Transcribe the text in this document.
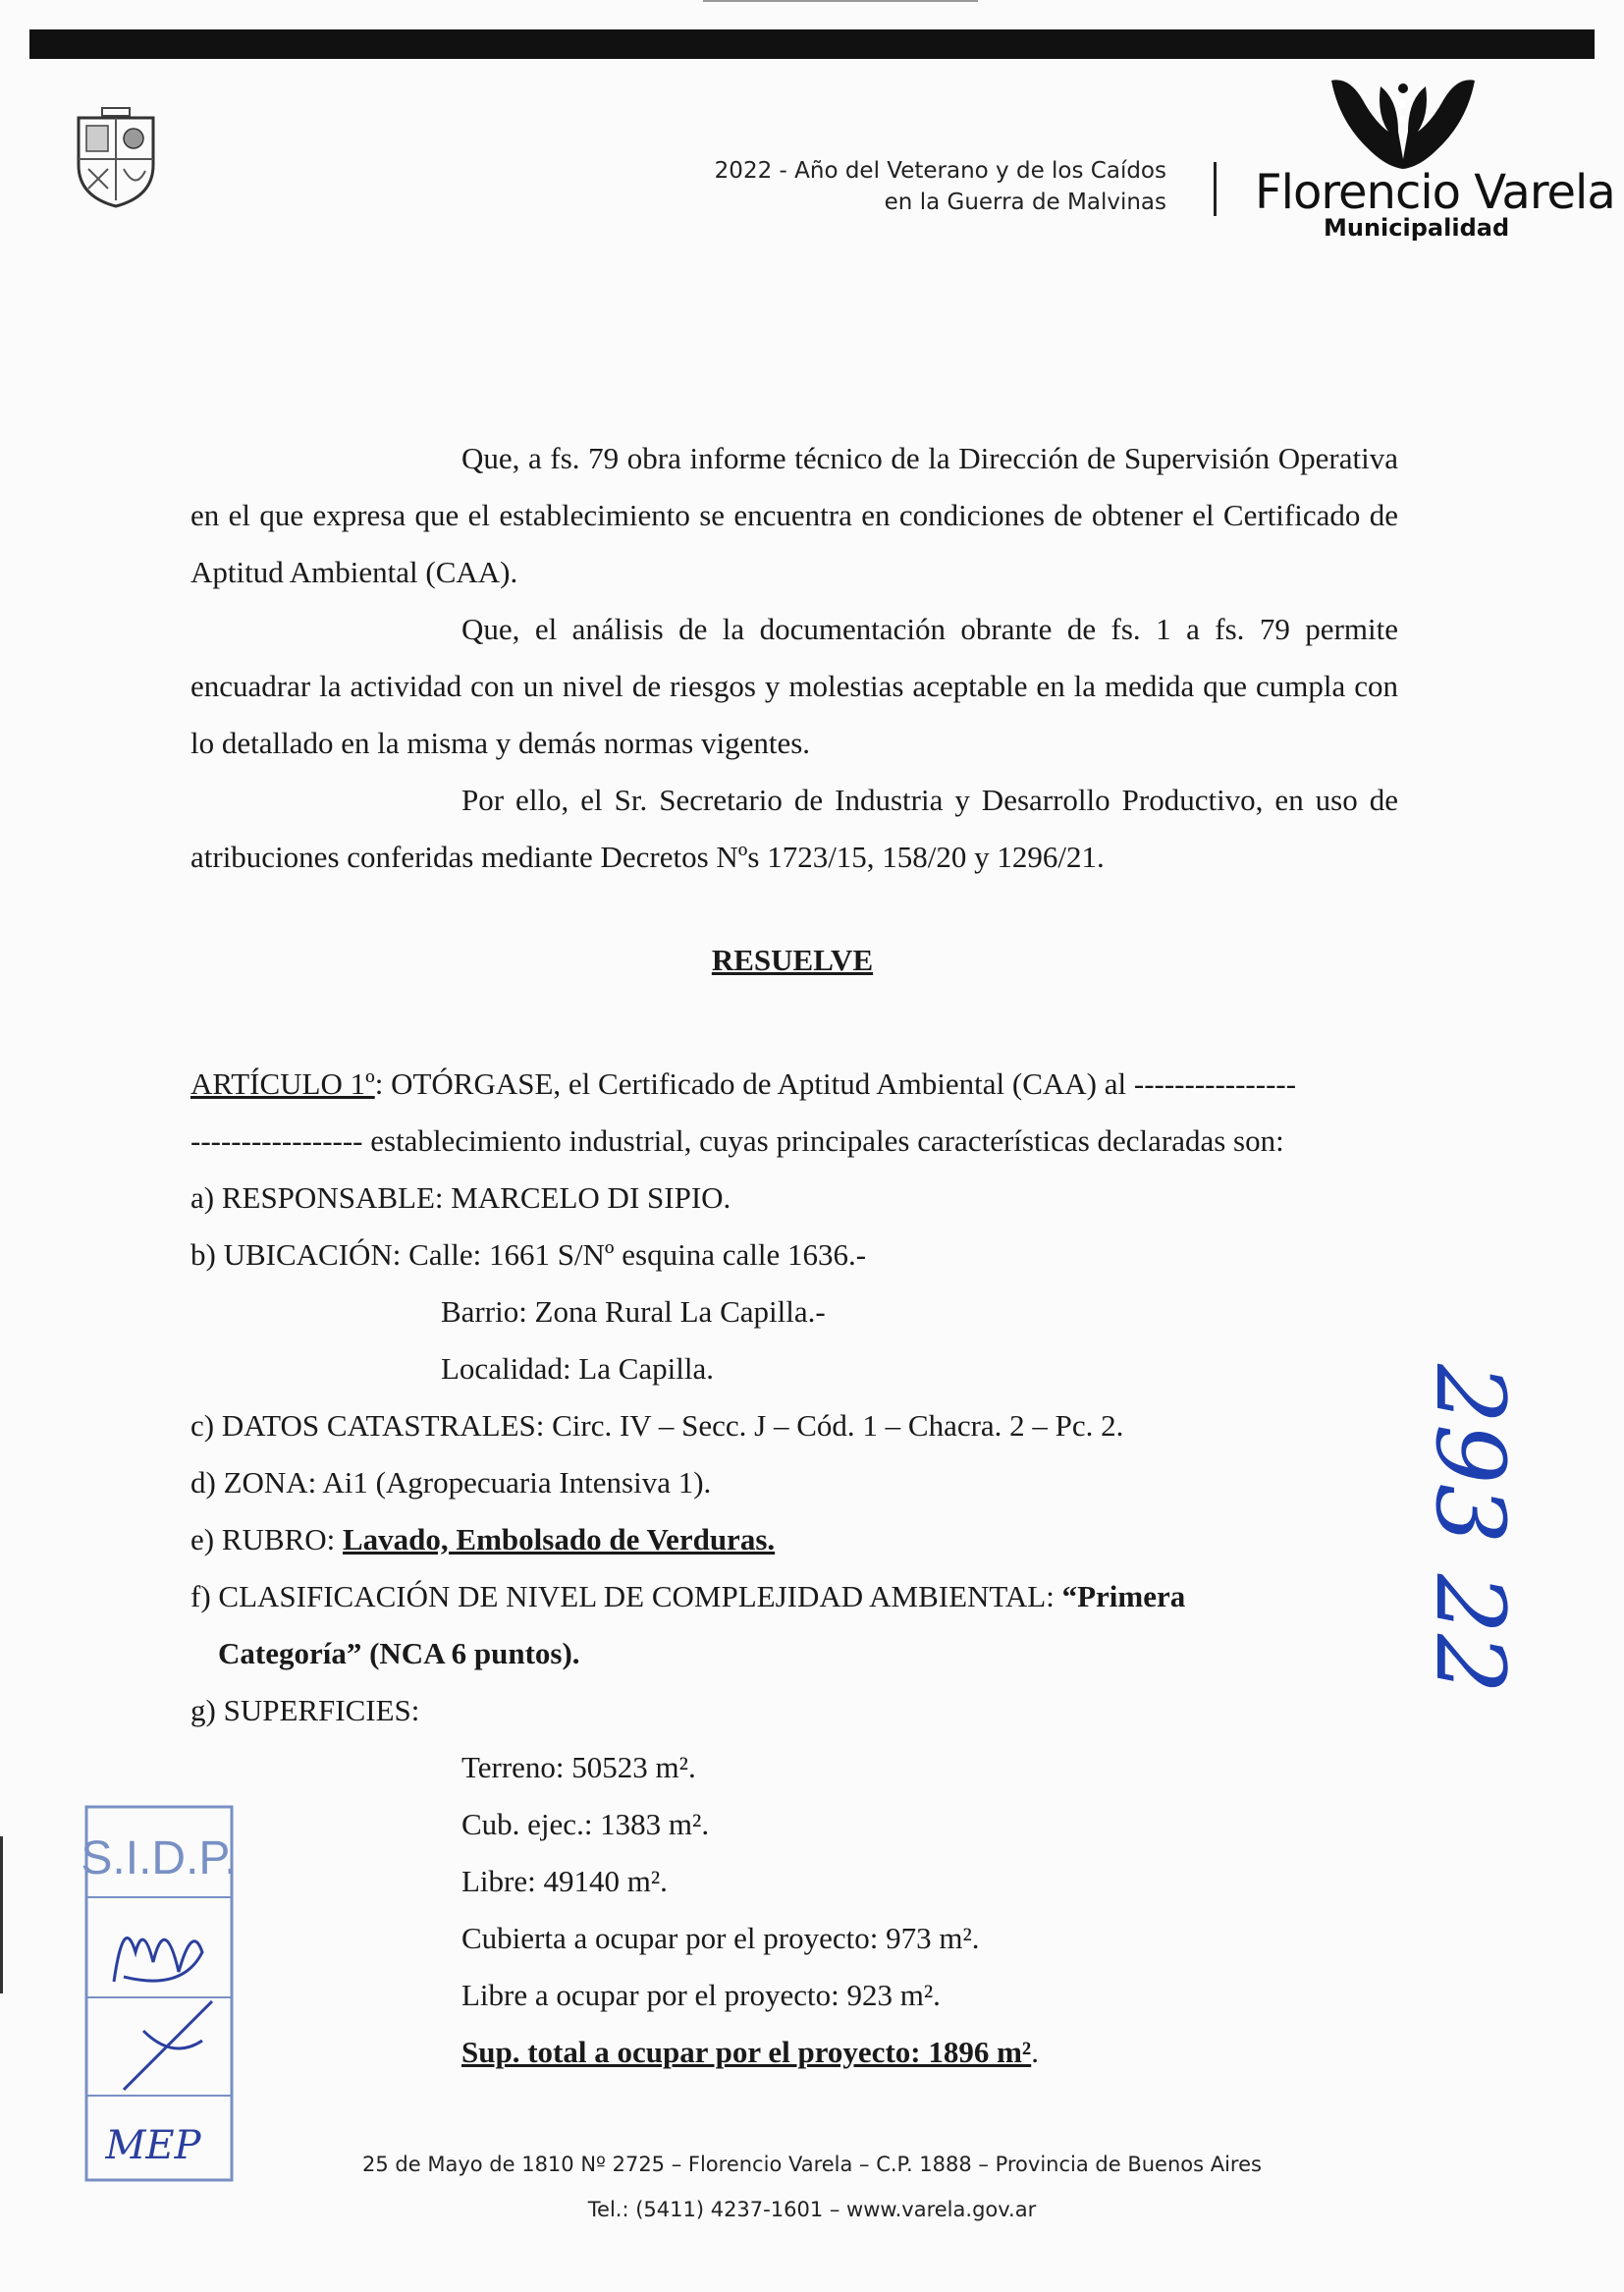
2022 - Año del Veterano y de los Caídos
en la Guerra de Malvinas Florencio Varela
Municipalidad

Que, a fs. 79 obra informe técnico de la Dirección de Supervisión Operativa en el que expresa que el establecimiento se encuentra en condiciones de obtener el Certificado de Aptitud Ambiental (CAA).

Que, el análisis de la documentación obrante de fs. 1 a fs. 79 permite encuadrar la actividad con un nivel de riesgos y molestias aceptable en la medida que cumpla con lo detallado en la misma y demás normas vigentes.

Por ello, el Sr. Secretario de Industria y Desarrollo Productivo, en uso de atribuciones conferidas mediante Decretos Nºs 1723/15, 158/20 y 1296/21.

RESUELVE
ARTÍCULO 1º: OTÓRGASE, el Certificado de Aptitud Ambiental (CAA) al ----------------
----------------- establecimiento industrial, cuyas principales características declaradas son:
a) RESPONSABLE: MARCELO DI SIPIO.
b) UBICACIÓN: Calle: 1661 S/Nº esquina calle 1636.-
Barrio: Zona Rural La Capilla.-
Localidad: La Capilla.
c) DATOS CATASTRALES: Circ. IV – Secc. J – Cód. 1 – Chacra. 2 – Pc. 2.
d) ZONA: Ai1 (Agropecuaria Intensiva 1).
e) RUBRO: Lavado, Embolsado de Verduras.
f) CLASIFICACIÓN DE NIVEL DE COMPLEJIDAD AMBIENTAL: “Primera
Categoría” (NCA 6 puntos).
g) SUPERFICIES:
Terreno: 50523 m².
Cub. ejec.: 1383 m².
Libre: 49140 m².
Cubierta a ocupar por el proyecto: 973 m².
Libre a ocupar por el proyecto: 923 m².
Sup. total a ocupar por el proyecto: 1896 m².
293 22
S.I.D.P.
MEP	25 de Mayo de 1810 Nº 2725 – Florencio Varela – C.P. 1888 – Provincia de Buenos Aires
Tel.: (5411) 4237-1601 – www.varela.gov.ar
